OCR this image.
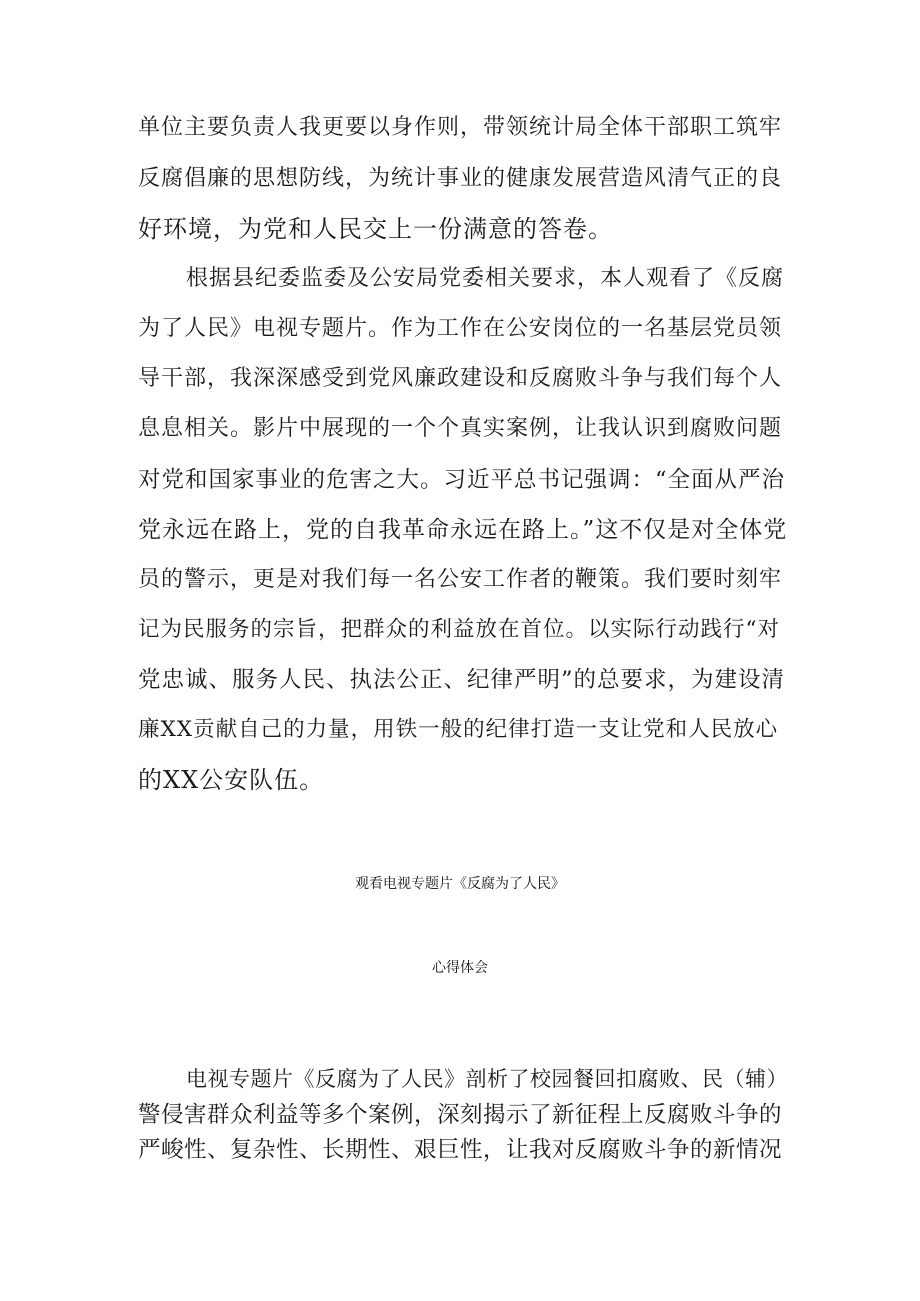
单位主要负责人我更要以身作则，带领统计局全体干部职工筑牢
反腐倡廉的思想防线，为统计事业的健康发展营造风清气正的良
好环境，为党和人民交上一份满意的答卷。
根据县纪委监委及公安局党委相关要求，本人观看了《反腐
为了人民》电视专题片。作为工作在公安岗位的一名基层党员领
导干部，我深深感受到党风廉政建设和反腐败斗争与我们每个人
息息相关。影片中展现的一个个真实案例，让我认识到腐败问题
对党和国家事业的危害之大。习近平总书记强调：“全面从严治
党永远在路上，党的自我革命永远在路上。”这不仅是对全体党
员的警示，更是对我们每一名公安工作者的鞭策。我们要时刻牢
记为民服务的宗旨，把群众的利益放在首位。以实际行动践行“对
党忠诚、服务人民、执法公正、纪律严明”的总要求，为建设清
廉XX贡献自己的力量，用铁一般的纪律打造一支让党和人民放心
的XX公安队伍。
观看电视专题片《反腐为了人民》
心得体会
电视专题片《反腐为了人民》剖析了校园餐回扣腐败、民（辅）
警侵害群众利益等多个案例，深刻揭示了新征程上反腐败斗争的
严峻性、复杂性、长期性、艰巨性，让我对反腐败斗争的新情况
